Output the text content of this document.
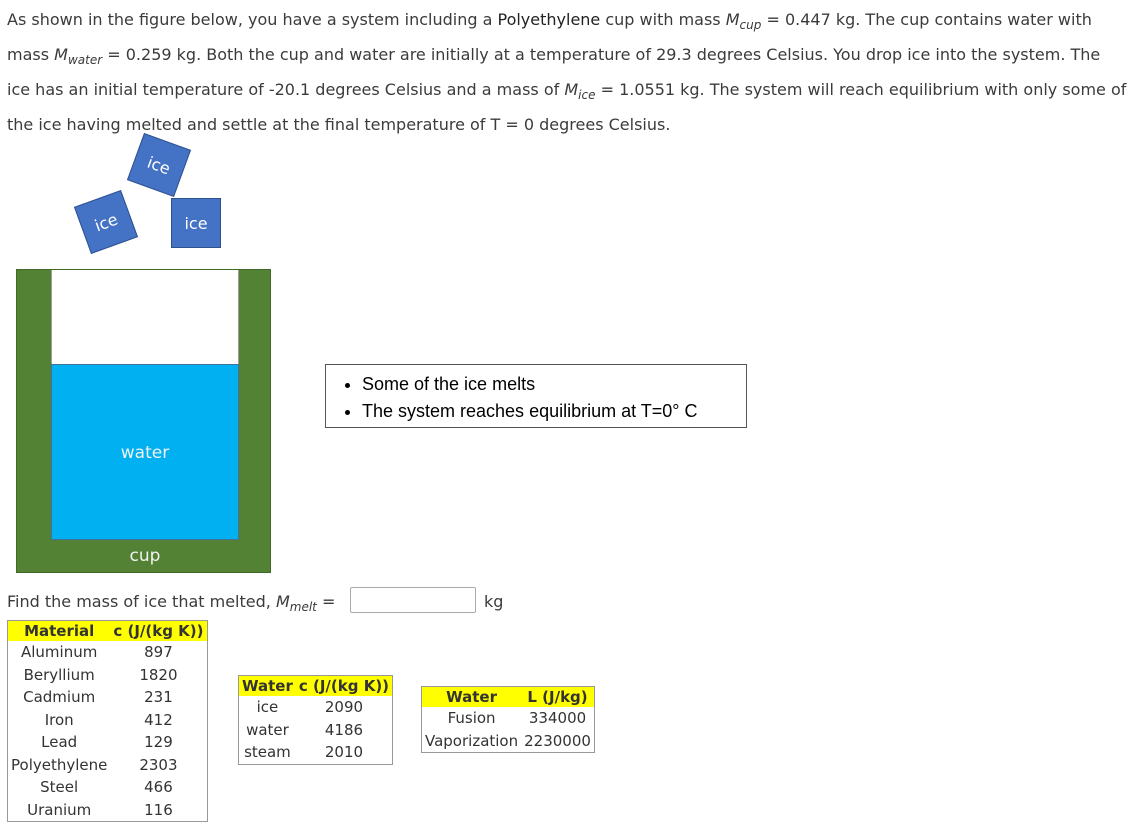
As shown in the figure below, you have a system including a Polyethylene cup with mass $M_{cup} = 0.447$ kg. The cup contains water with mass $M_{water} = 0.259$ kg. Both the cup and water are initially at a temperature of 29.3 degrees Celsius. You drop ice into the system. The ice has an initial temperature of -20.1 degrees Celsius and a mass of $M_{ice} = 1.0551$ kg. The system will reach equilibrium with only some of the ice having melted and settle at the final temperature of T = 0 degrees Celsius.

ice
ice	ice
water
cup
• Some of the ice melts
• The system reaches equilibrium at T=0° C
Find the mass of ice that melted, $M_{melt}$ =	kg
Material	c (J/(kg K))
Aluminum	897
Beryllium	1820
Cadmium	231
Iron	412
Lead	129
Polyethylene	2303
Steel	466
Uranium	116
Water	c (J/(kg K))
ice	2090
water	4186
steam	2010
Water	L (J/kg)
Fusion	334000
Vaporization	2230000
